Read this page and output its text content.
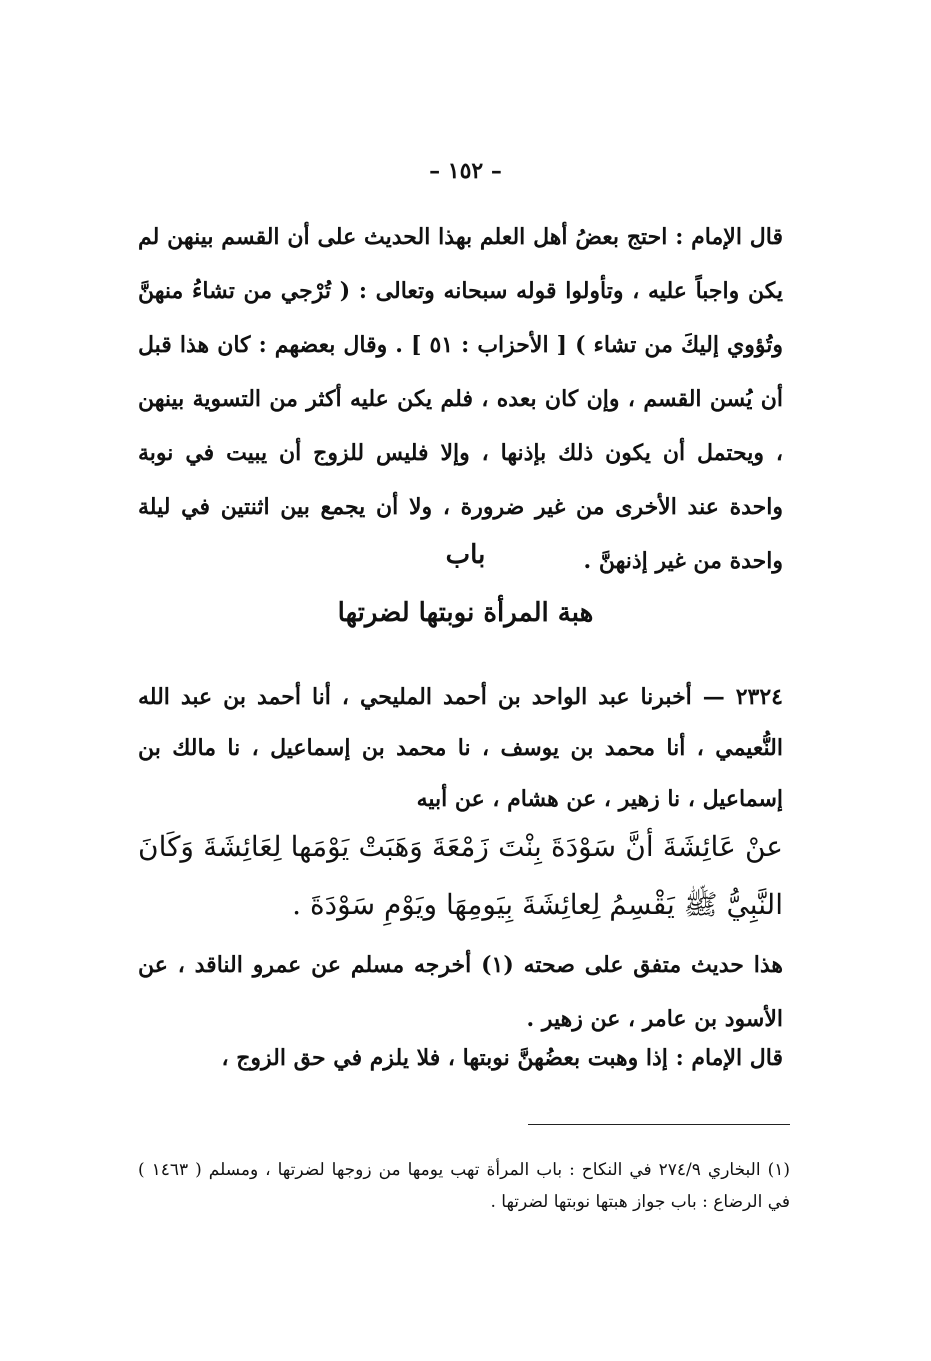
– ١٥٢ –
قال الإمام : احتج بعضُ أهل العلم بهذا الحديث على أن القسم بينهن لم يكن واجباً عليه ، وتأولوا قوله سبحانه وتعالى : ( تُرْجي من تشاءُ منهنَّ وتُؤوي إليكَ من تشاء ) [ الأحزاب : ٥١ ] . وقال بعضهم : كان هذا قبل أن يُسن القسم ، وإن كان بعده ، فلم يكن عليه أكثر من التسوية بينهن ، ويحتمل أن يكون ذلك بإذنها ، وإلا فليس للزوج أن يبيت في نوبة واحدة عند الأخرى من غير ضرورة ، ولا أن يجمع بين اثنتين في ليلة واحدة من غير إذنهنَّ .
باب
هبة المرأة نوبتها لضرتها
٢٣٢٤ — أخبرنا عبد الواحد بن أحمد المليحي ، أنا أحمد بن عبد الله النُّعيمي ، أنا محمد بن يوسف ، نا محمد بن إسماعيل ، نا مالك بن إسماعيل ، نا زهير ، عن هشام ، عن أبيه
عنْ عَائِشَةَ أنَّ سَوْدَةَ بِنْتَ زَمْعَةَ وَهَبَتْ يَوْمَها لِعَائِشَةَ وَكَانَ النَّبِيُّ ﷺ يَقْسِمُ لِعائِشَةَ بِيَومِهَا ويَوْمِ سَوْدَةَ .
هذا حديث متفق على صحته (١) أخرجه مسلم عن عمرو الناقد ، عن الأسود بن عامر ، عن زهير .
قال الإمام : إذا وهبت بعضُهنَّ نوبتها ، فلا يلزم في حق الزوج ،
(١) البخاري ٢٧٤/٩ في النكاح : باب المرأة تهب يومها من زوجها لضرتها ، ومسلم ( ١٤٦٣ ) في الرضاع : باب جواز هبتها نوبتها لضرتها .
